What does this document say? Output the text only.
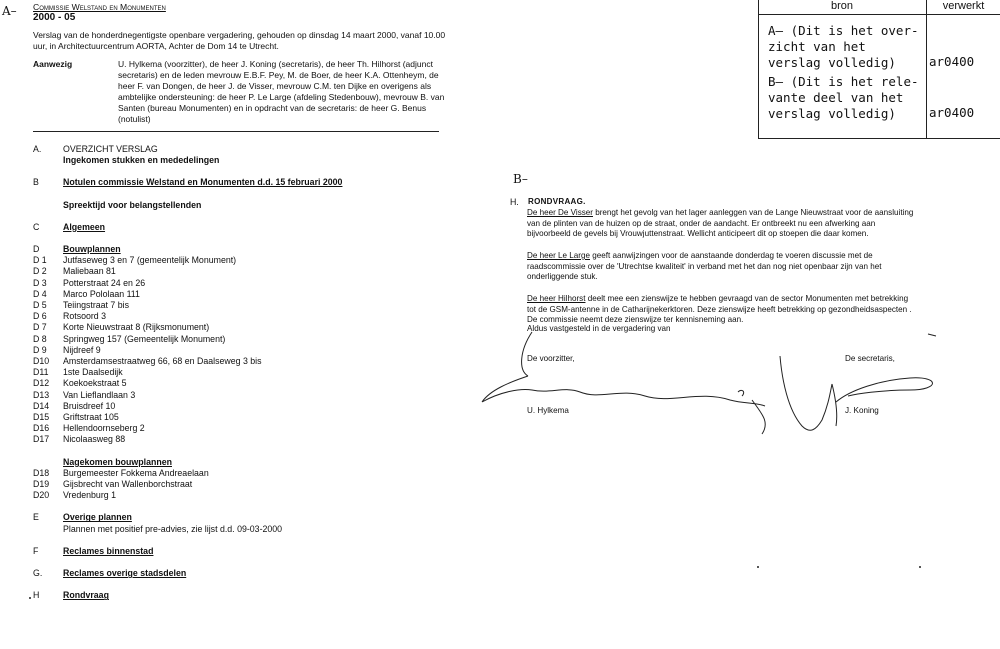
A– Commissie Welstand en Monumenten
2000 - 05
Verslag van de honderdnegentigste openbare vergadering, gehouden op dinsdag 14 maart 2000, vanaf 10.00 uur, in Architectuurcentrum AORTA, Achter de Dom 14 te Utrecht.
Aanwezig	U. Hylkema (voorzitter), de heer J. Koning (secretaris), de heer Th. Hilhorst (adjunct secretaris) en de leden mevrouw E.B.F. Pey, M. de Boer, de heer K.A. Ottenheym, de heer F. van Dongen, de heer J. de Visser, mevrouw C.M. ten Dijke en overigens als ambtelijke ondersteuning: de heer P. Le Large (afdeling Stedenbouw), mevrouw B. van Santen (bureau Monumenten) en in opdracht van de secretaris: de heer G. Benus (notulist)
bron	verwerkt
A– (Dit is het over- zicht van het verslag volledig)	ar0400
B– (Dit is het rele- vante deel van het verslag volledig)	ar0400
A.	OVERZICHT VERSLAG
Ingekomen stukken en mededelingen
B	Notulen commissie Welstand en Monumenten d.d. 15 februari 2000
Spreektijd voor belangstellenden
C	Algemeen
D	Bouwplannen
D 1	Jutfaseweg 3 en 7 (gemeentelijk Monument)
D 2	Maliebaan 81
D 3	Potterstraat 24 en 26
D 4	Marco Pololaan 111
D 5	Teiingstraat 7 bis
D 6	Rotsoord 3
D 7	Korte Nieuwstraat 8 (Rijksmonument)
D 8	Springweg 157 (Gemeentelijk Monument)
D 9	Nijdreef 9
D10	Amsterdamsestraatweg 66, 68 en Daalseweg 3 bis
D11	1ste Daalsedijk
D12	Koekoekstraat 5
D13	Van Lieflandlaan 3
D14	Bruisdreef 10
D15	Griftstraat 105
D16	Hellendoornseberg 2
D17	Nicolaasweg 88
Nagekomen bouwplannen
D18	Burgemeester Fokkema Andreaelaan
D19	Gijsbrecht van Wallenborchstraat
D20	Vredenburg 1
E	Overige plannen
Plannen met positief pre-advies, zie lijst d.d. 09-03-2000
F	Reclames binnenstad
G.	Reclames overige stadsdelen
H	Rondvraag
B–
H. RONDVRAAG.
De heer De Visser brengt het gevolg van het lager aanleggen van de Lange Nieuwstraat voor de aansluiting van de plinten van de huizen op de straat, onder de aandacht. Er ontbreekt nu een afwerking aan bijvoorbeeld de gevels bij Vrouwjuttenstraat. Wellicht anticipeert dit op stoepen die daar komen.
De heer Le Large geeft aanwijzingen voor de aanstaande donderdag te voeren discussie met de raadscommissie over de 'Utrechtse kwaliteit' in verband met het dan nog niet openbaar zijn van het onderliggende stuk.
De heer Hilhorst deelt mee een zienswijze te hebben gevraagd van de sector Monumenten met betrekking tot de GSM-antenne in de Catharijnekerktoren. Deze zienswijze heeft betrekking op gezondheidsaspecten . De commissie neemt deze zienswijze ter kennisneming aan.
Aldus vastgesteld in de vergadering van
De voorzitter,	De secretaris,
U. Hylkema	J. Koning
